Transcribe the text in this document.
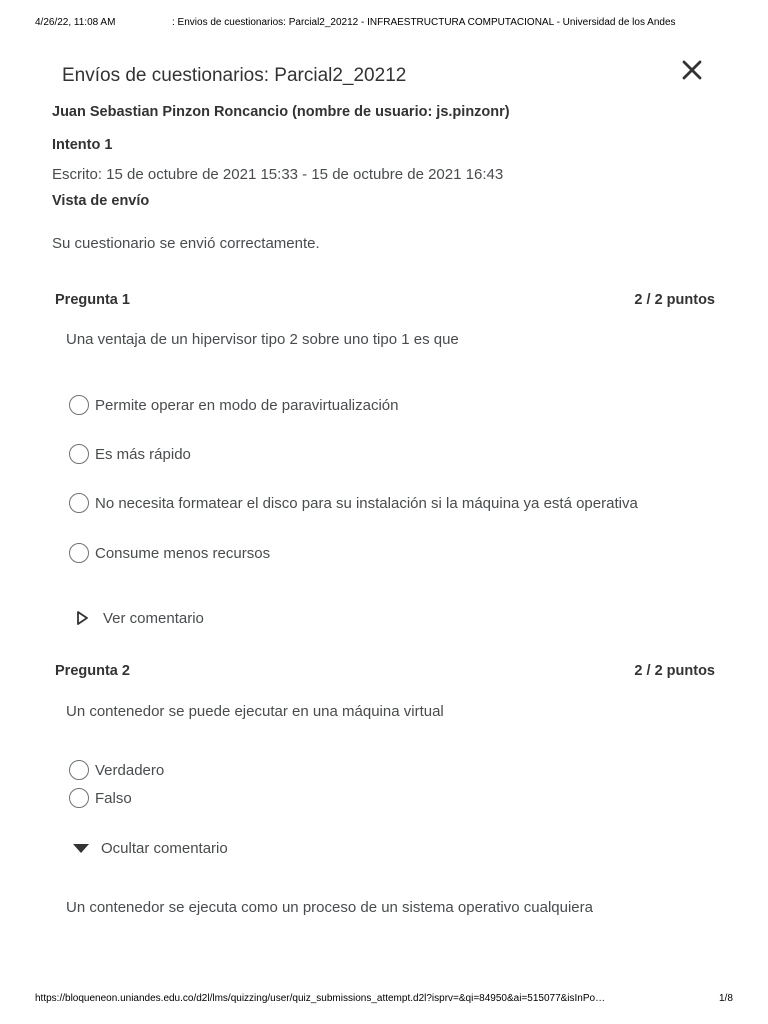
4/26/22, 11:08 AM	: Envios de cuestionarios: Parcial2_20212 - INFRAESTRUCTURA COMPUTACIONAL - Universidad de los Andes
Envíos de cuestionarios: Parcial2_20212
Juan Sebastian Pinzon Roncancio (nombre de usuario: js.pinzonr)
Intento 1
Escrito: 15 de octubre de 2021 15:33 - 15 de octubre de 2021 16:43
Vista de envío
Su cuestionario se envió correctamente.
Pregunta 1	2 / 2 puntos
Una ventaja de un hipervisor tipo 2 sobre uno tipo 1 es que
Permite operar en modo de paravirtualización
Es más rápido
No necesita formatear el disco para su instalación si la máquina ya está operativa
Consume menos recursos
Ver comentario
Pregunta 2	2 / 2 puntos
Un contenedor se puede ejecutar en una máquina virtual
Verdadero
Falso
Ocultar comentario
Un contenedor se ejecuta como un proceso de un sistema operativo cualquiera
https://bloqueneon.uniandes.edu.co/d2l/lms/quizzing/user/quiz_submissions_attempt.d2l?isprv=&qi=84950&ai=515077&isInPo…	1/8
